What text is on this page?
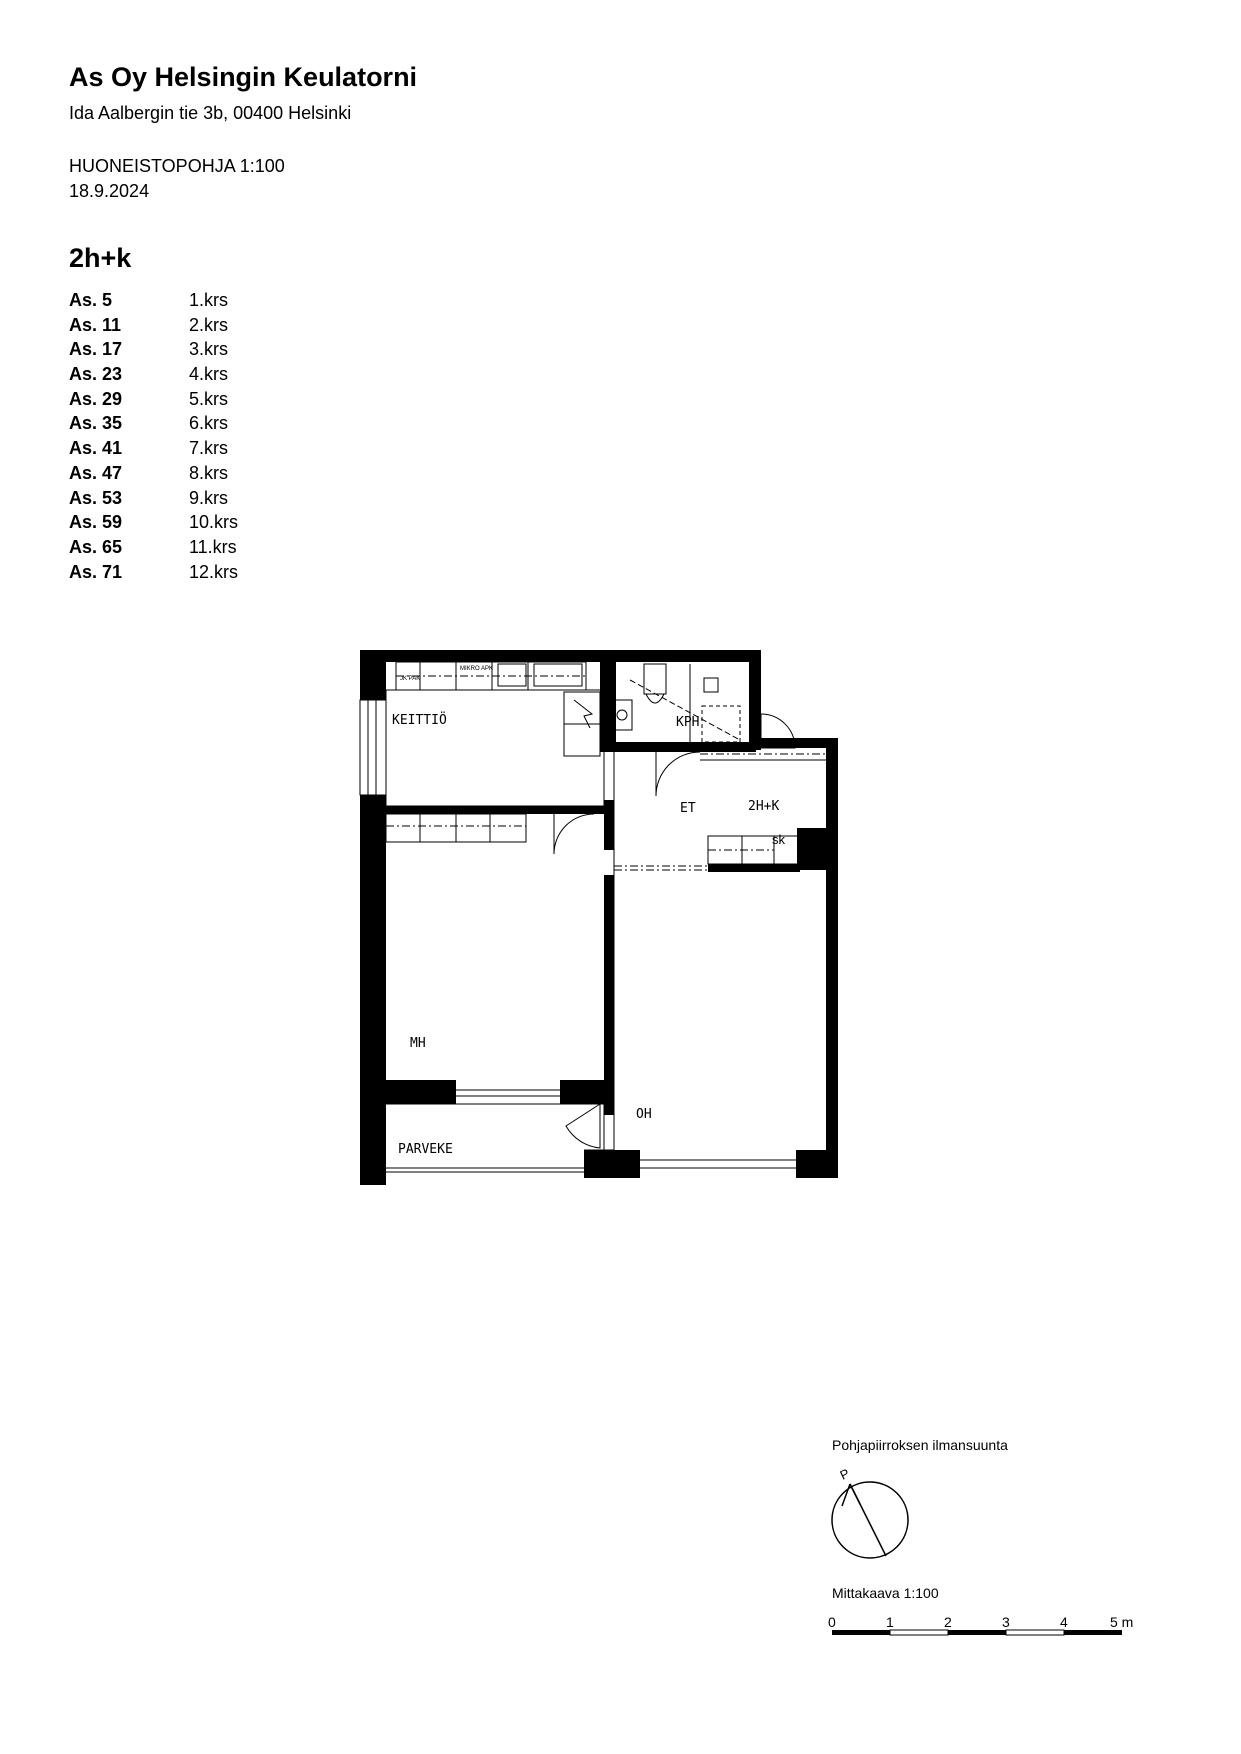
As Oy Helsingin Keulatorni
Ida Aalbergin tie 3b, 00400 Helsinki
HUONEISTOPOHJA 1:100
18.9.2024
2h+k
As. 5	1.krs
As. 11	2.krs
As. 17	3.krs
As. 23	4.krs
As. 29	5.krs
As. 35	6.krs
As. 41	7.krs
As. 47	8.krs
As. 53	9.krs
As. 59	10.krs
As. 65	11.krs
As. 71	12.krs
KEITTIÖ	KPH
ET	2H+K
sk
MH
OH
PARVEKE
JK PAK
MIKRO APK
Pohjapiirroksen ilmansuunta
P
Mittakaava 1:100
0	1	2	3	4	5 m
